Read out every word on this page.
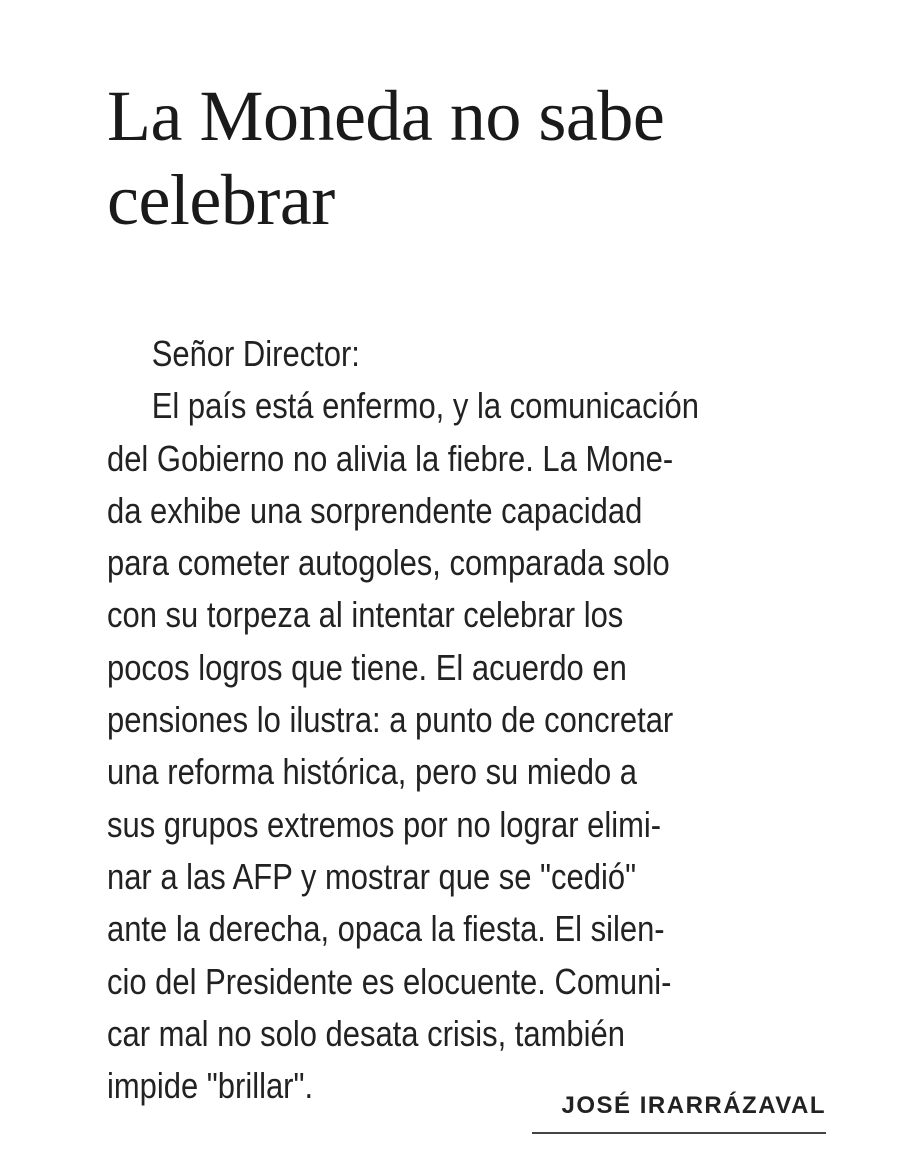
La Moneda no sabe
celebrar
Señor Director:
El país está enfermo, y la comunicación
del Gobierno no alivia la fiebre. La Mone-
da exhibe una sorprendente capacidad
para cometer autogoles, comparada solo
con su torpeza al intentar celebrar los
pocos logros que tiene. El acuerdo en
pensiones lo ilustra: a punto de concretar
una reforma histórica, pero su miedo a
sus grupos extremos por no lograr elimi-
nar a las AFP y mostrar que se "cedió"
ante la derecha, opaca la fiesta. El silen-
cio del Presidente es elocuente. Comuni-
car mal no solo desata crisis, también
impide "brillar".	JOSÉ IRARRÁZAVAL
